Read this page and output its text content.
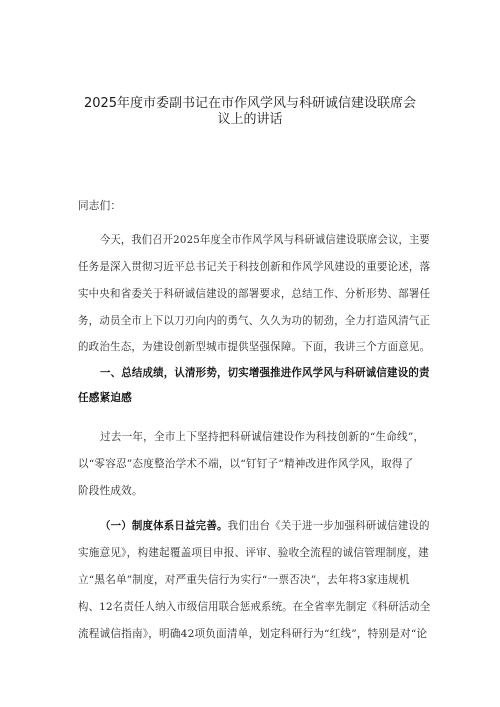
2025年度市委副书记在市作风学风与科研诚信建设联席会
议上的讲话
同志们：
今天，我们召开2025年度全市作风学风与科研诚信建设联席会议，主要
任务是深入贯彻习近平总书记关于科技创新和作风学风建设的重要论述，落
实中央和省委关于科研诚信建设的部署要求，总结工作、分析形势、部署任
务，动员全市上下以刀刃向内的勇气、久久为功的韧劲，全力打造风清气正
的政治生态，为建设创新型城市提供坚强保障。下面，我讲三个方面意见。
一、总结成绩，认清形势，切实增强推进作风学风与科研诚信建设的责
任感紧迫感
过去一年，全市上下坚持把科研诚信建设作为科技创新的“生命线”，
以“零容忍”态度整治学术不端，以“钉钉子”精神改进作风学风，取得了
阶段性成效。
（一）制度体系日益完善。我们出台《关于进一步加强科研诚信建设的
实施意见》，构建起覆盖项目申报、评审、验收全流程的诚信管理制度，建
立“黑名单”制度，对严重失信行为实行“一票否决”，去年将3家违规机
构、12名责任人纳入市级信用联合惩戒系统。在全省率先制定《科研活动全
流程诚信指南》，明确42项负面清单，划定科研行为“红线”，特别是对“论
